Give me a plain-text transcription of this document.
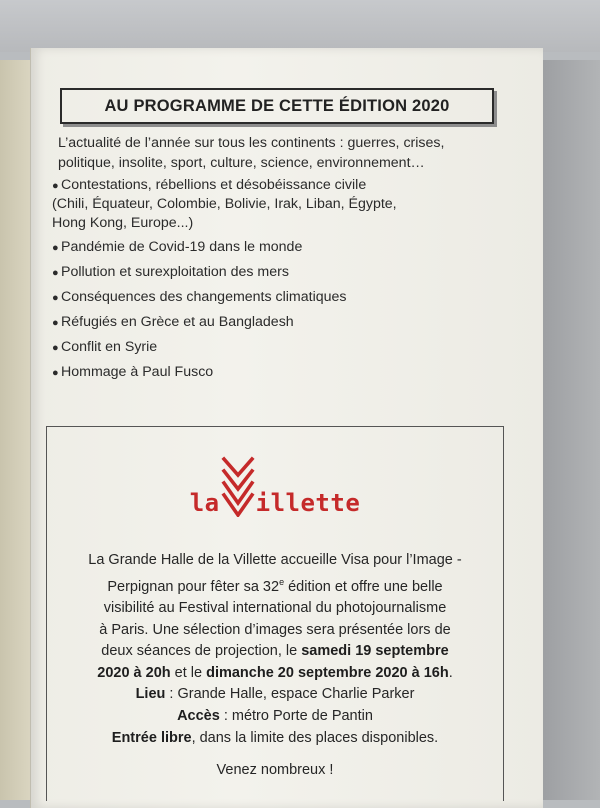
AU PROGRAMME DE CETTE ÉDITION 2020
L’actualité de l’année sur tous les continents : guerres, crises,
politique, insolite, sport, culture, science, environnement…
● Contestations, rébellions et désobéissance civile
(Chili, Équateur, Colombie, Bolivie, Irak, Liban, Égypte,
Hong Kong, Europe...)
● Pandémie de Covid-19 dans le monde
● Pollution et surexploitation des mers
● Conséquences des changements climatiques
● Réfugiés en Grèce et au Bangladesh
● Conflit en Syrie
● Hommage à Paul Fusco
la illette
La Grande Halle de la Villette accueille Visa pour l’Image -
Perpignan pour fêter sa 32e édition et offre une belle
visibilité au Festival international du photojournalisme
à Paris. Une sélection d’images sera présentée lors de
deux séances de projection, le samedi 19 septembre
2020 à 20h et le dimanche 20 septembre 2020 à 16h.
Lieu : Grande Halle, espace Charlie Parker
Accès : métro Porte de Pantin
Entrée libre, dans la limite des places disponibles.
Venez nombreux !
